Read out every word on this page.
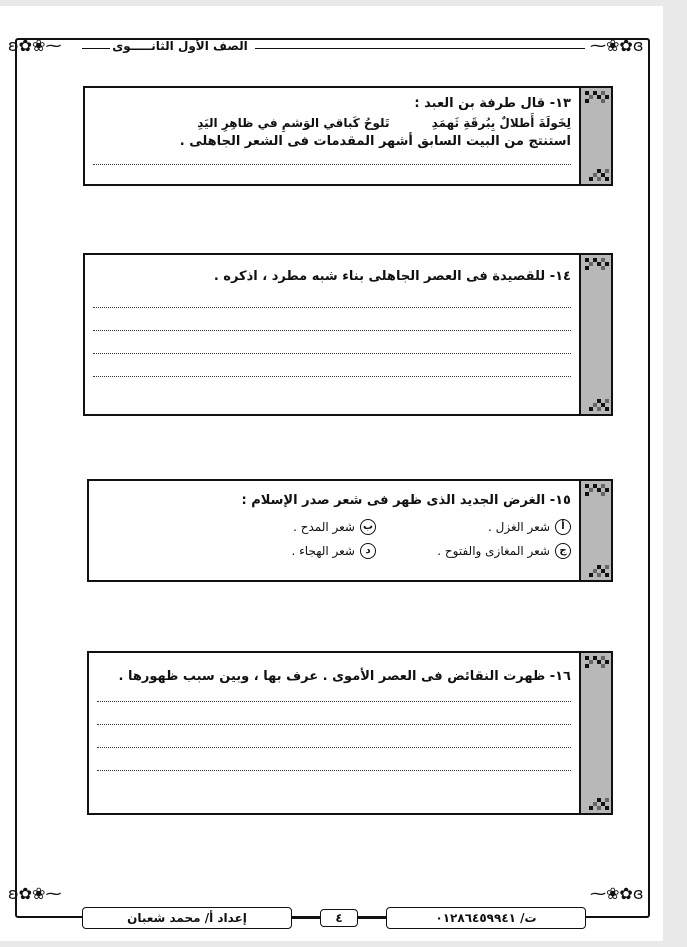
ʚ✿❀⁓	⁓❀✿ɞ
ʚ✿❀⁓	⁓❀✿ɞ
الصف الأول الثانـــــوى
١٣- قال طرفة بن العبد :
لِخَولَةَ أَطلالٌ بِبُرقَةِ ثَهمَدِ تَلوحُ كَباقي الوَشمِ في ظاهِرِ اليَدِ
استنتج من البيت السابق أشهر المقدمات فى الشعر الجاهلى .
١٤- للقصيدة فى العصر الجاهلى بناء شبه مطرد ، اذكره .
١٥- الغرض الجديد الذى ظهر فى شعر صدر الإسلام :
أ
شعر الغزل .
ب
شعر المدح .
ج
شعر المغازى والفتوح .
د
شعر الهجاء .
١٦- ظهرت النقائض فى العصر الأموى . عرف بها ، وبين سبب ظهورها .
إعداد أ/ محمد شعبان	٤	ت/ ٠١٢٨٦٤٥٩٩٤١
